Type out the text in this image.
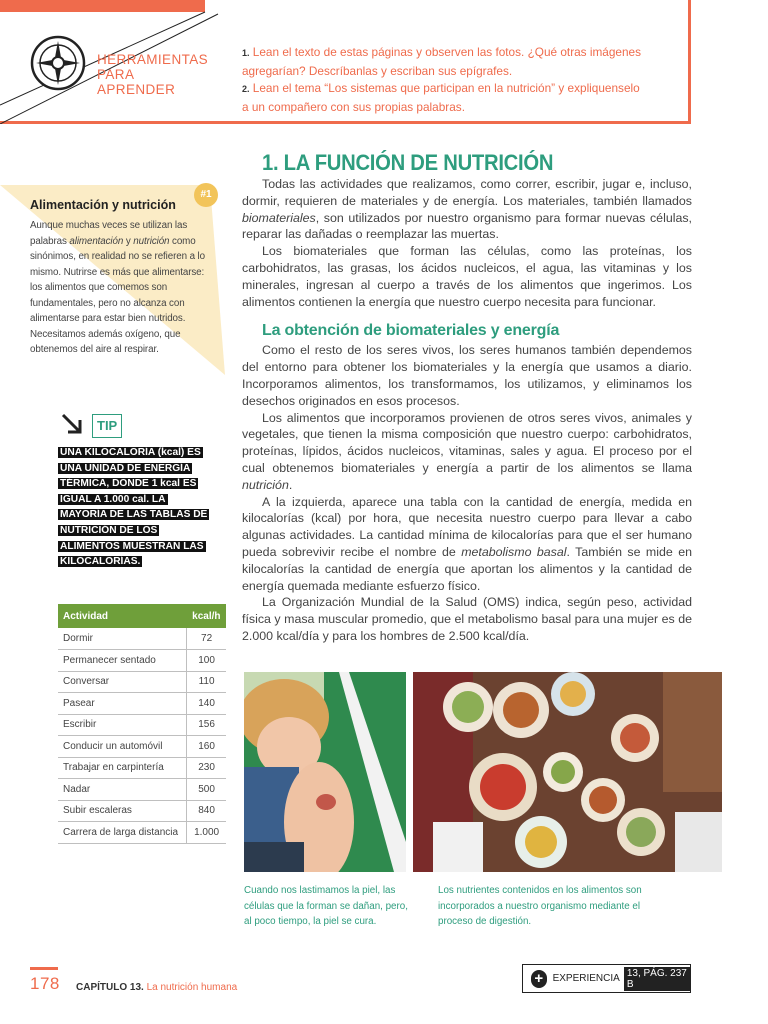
HERRAMIENTAS
PARA
APRENDER

1. Lean el texto de estas páginas y observen las fotos. ¿Qué otras imágenes agregarían? Descríbanlas y escriban sus epígrafes.

2. Lean el tema “Los sistemas que participan en la nutrición” y expliquenselo a un compañero con sus propias palabras.

#1
Alimentación y nutrición
Aunque muchas veces se utilizan las palabras alimentación y nutrición como sinónimos, en realidad no se refieren a lo mismo. Nutrirse es más que alimentarse: los alimentos que comemos son fundamentales, pero no alcanza con alimentarse para estar bien nutridos. Necesitamos además oxígeno, que obtenemos del aire al respirar.
TIP
UNA KILOCALORÍA (kcal) ES UNA UNIDAD DE ENERGÍA TÉRMICA, DONDE 1 kcal ES IGUAL A 1.000 cal. LA MAYORÍA DE LAS TABLAS DE NUTRICIÓN DE LOS ALIMENTOS MUESTRAN LAS KILOCALORÍAS.
Actividad	kcal/h
Dormir	72
Permanecer sentado	100
Conversar	110
Pasear	140
Escribir	156
Conducir un automóvil	160
Trabajar en carpintería	230
Nadar	500
Subir escaleras	840
Carrera de larga distancia	1.000
1. LA FUNCIÓN DE NUTRICIÓN

Todas las actividades que realizamos, como correr, escribir, jugar e, incluso, dormir, requieren de materiales y de energía. Los materiales, también llamados biomateriales, son utilizados por nuestro organismo para formar nuevas células, reparar las dañadas o reemplazar las muertas.

Los biomateriales que forman las células, como las proteínas, los carbohidratos, las grasas, los ácidos nucleicos, el agua, las vitaminas y los minerales, ingresan al cuerpo a través de los alimentos que ingerimos. Los alimentos contienen la energía que nuestro cuerpo necesita para funcionar.

La obtención de biomateriales y energía

Como el resto de los seres vivos, los seres humanos también dependemos del entorno para obtener los biomateriales y la energía que usamos a diario. Incorporamos alimentos, los transformamos, los utilizamos, y eliminamos los desechos originados en esos procesos.

Los alimentos que incorporamos provienen de otros seres vivos, animales y vegetales, que tienen la misma composición que nuestro cuerpo: carbohidratos, proteínas, lípidos, ácidos nucleicos, vitaminas, sales y agua. El proceso por el cual obtenemos biomateriales y energía a partir de los alimentos se llama nutrición.

A la izquierda, aparece una tabla con la cantidad de energía, medida en kilocalorías (kcal) por hora, que necesita nuestro cuerpo para llevar a cabo algunas actividades. La cantidad mínima de kilocalorías para que el ser humano pueda sobrevivir recibe el nombre de metabolismo basal. También se mide en kilocalorías la cantidad de energía que aportan los alimentos y la cantidad de energía quemada mediante esfuerzo físico.

La Organización Mundial de la Salud (OMS) indica, según peso, actividad física y masa muscular promedio, que el metabolismo basal para una mujer es de 2.000 kcal/día y para los hombres de 2.500 kcal/día.

Cuando nos lastimamos la piel, las células que la forman se dañan, pero, al poco tiempo, la piel se cura.
Los nutrientes contenidos en los alimentos son incorporados a nuestro organismo mediante el proceso de digestión.
178 CAPÍTULO 13. La nutrición humana
+ EXPERIENCIA 13, PÁG. 237 B
